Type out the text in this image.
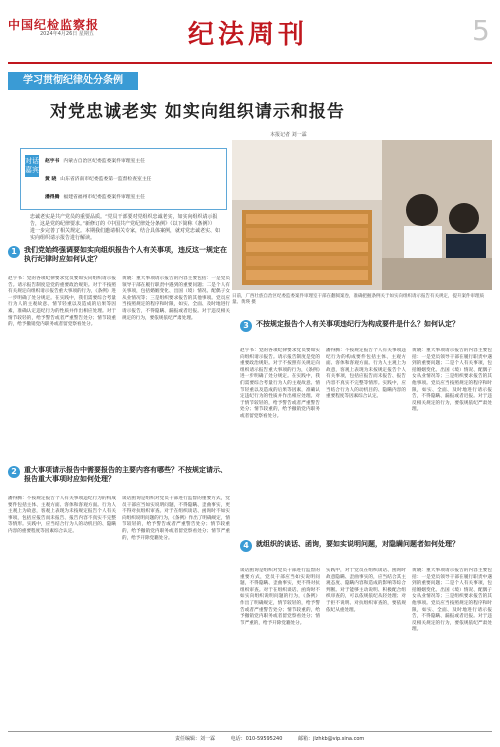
中国纪检监察报
2024年4月26日 星期五	纪法周刊	5
学习贯彻纪律处分条例
对党忠诚老实 如实向组织请示和报告
本报记者 刘一霖
对话嘉宾
赵宇书 内蒙古自治区纪委监委案件审理室主任
黄 晓 山东省济南市纪委监委第一监督检查室主任
潘得腾 福建省福州市纪委监委案件审理室主任
日前，广西壮族自治区纪委监委案件审理室干部在翻阅案卷，准确把握条例关于如实向组织请示报告有关规定，提升案件审理质量。黄瑛 摄
忠诚老实是共产党员的重要品质。“党员干部要对党组织忠诚老实，如实向组织请示报告，这是党的纪律要求。”新修订的《中国共产党纪律处分条例》（以下简称《条例》）进一步完善了相关规定。本期我们邀请相关专家，结合具体案例，就对党忠诚老实、如实向组织请示报告进行解读。
1	我们党始终强调要如实向组织报告个人有关事项，违反这一规定在执行纪律时应如何认定？
赵宇书：党的各项纪律要求党员要如实向组织请示报告。请示报告制度是党的重要政治规矩。对于不按照有关规定向组织请示报告重大事项的行为，《条例》进一步明确了处分规定。在实践中，我们需要综合考量行为人的主观故意、情节轻重以及造成的后果等因素，准确认定违纪行为的性质并作出相应处理。对于情节较轻的，给予警告或者严重警告处分；情节较重的，给予撤销党内职务或者留党察看处分。
黄晓：重大事项请示报告的内容主要包括：一是党员领导干部在履行职责中遇到的重要问题；二是个人有关事项，包括婚姻变化、出国（境）情况、配偶子女从业情况等；三是组织要求报告的其他事项。党员应当按照规定的程序和时限，如实、全面、及时地进行请示报告，不得隐瞒、漏报或者迟报。对于违反相关规定的行为，要依规依纪严肃处理。
2	重大事项请示报告中需要报告的主要内容有哪些？不按规定请示、报告重大事项时应如何处理？
潘得腾：不按规定报告个人有关事项违纪行为的构成要件包括主体、主观方面、客体和客观方面。行为人主观上为故意，客观上表现为未按规定报告个人有关事项，包括应报告而未报告、报告内容不真实不完整等情形。实践中，应当结合行为人的动机目的、隐瞒内容的重要程度等因素综合认定。
谈话函询是组织对党员干部进行监督的重要方式，党员干部应当如实说明问题，不得隐瞒、歪曲事实，更不得对抗组织审查。对于在组织谈话、函询时不如实向组织说明问题的行为，《条例》作出了明确规定，情节较轻的，给予警告或者严重警告处分；情节较重的，给予撤销党内职务或者留党察看处分；情节严重的，给予开除党籍处分。
3	不按规定报告个人有关事项违纪行为构成要件是什么？如何认定？
赵宇书：党的各项纪律要求党员要如实向组织请示报告。请示报告制度是党的重要政治规矩。对于不按照有关规定向组织请示报告重大事项的行为，《条例》进一步明确了处分规定。在实践中，我们需要综合考量行为人的主观故意、情节轻重以及造成的后果等因素，准确认定违纪行为的性质并作出相应处理。对于情节较轻的，给予警告或者严重警告处分；情节较重的，给予撤销党内职务或者留党察看处分。
潘得腾：不按规定报告个人有关事项违纪行为的构成要件包括主体、主观方面、客体和客观方面。行为人主观上为故意，客观上表现为未按规定报告个人有关事项，包括应报告而未报告、报告内容不真实不完整等情形。实践中，应当结合行为人的动机目的、隐瞒内容的重要程度等因素综合认定。
黄晓：重大事项请示报告的内容主要包括：一是党员领导干部在履行职责中遇到的重要问题；二是个人有关事项，包括婚姻变化、出国（境）情况、配偶子女从业情况等；三是组织要求报告的其他事项。党员应当按照规定的程序和时限，如实、全面、及时地进行请示报告，不得隐瞒、漏报或者迟报。对于违反相关规定的行为，要依规依纪严肃处理。
4	就组织的谈话、函询，要如实说明问题，对隐瞒问题者如何处理？
谈话函询是组织对党员干部进行监督的重要方式，党员干部应当如实说明问题，不得隐瞒、歪曲事实，更不得对抗组织审查。对于在组织谈话、函询时不如实向组织说明问题的行为，《条例》作出了明确规定，情节较轻的，给予警告或者严重警告处分；情节较重的，给予撤销党内职务或者留党察看处分；情节严重的，给予开除党籍处分。
实践中，对于党员在组织谈话、函询时故意隐瞒、歪曲事实的，应当结合其主观态度、隐瞒内容和造成的影响等综合判断。对于能够主动说明、积极配合组织审查的，可以依规依纪从轻处理；对于拒不说明、对抗组织审查的，要依规依纪从重处理。
黄晓：重大事项请示报告的内容主要包括：一是党员领导干部在履行职责中遇到的重要问题；二是个人有关事项，包括婚姻变化、出国（境）情况、配偶子女从业情况等；三是组织要求报告的其他事项。党员应当按照规定的程序和时限，如实、全面、及时地进行请示报告，不得隐瞒、漏报或者迟报。对于违反相关规定的行为，要依规依纪严肃处理。
责任编辑：刘一霖	电话：010-59595240	邮箱：jlzhkb@vip.sina.com
